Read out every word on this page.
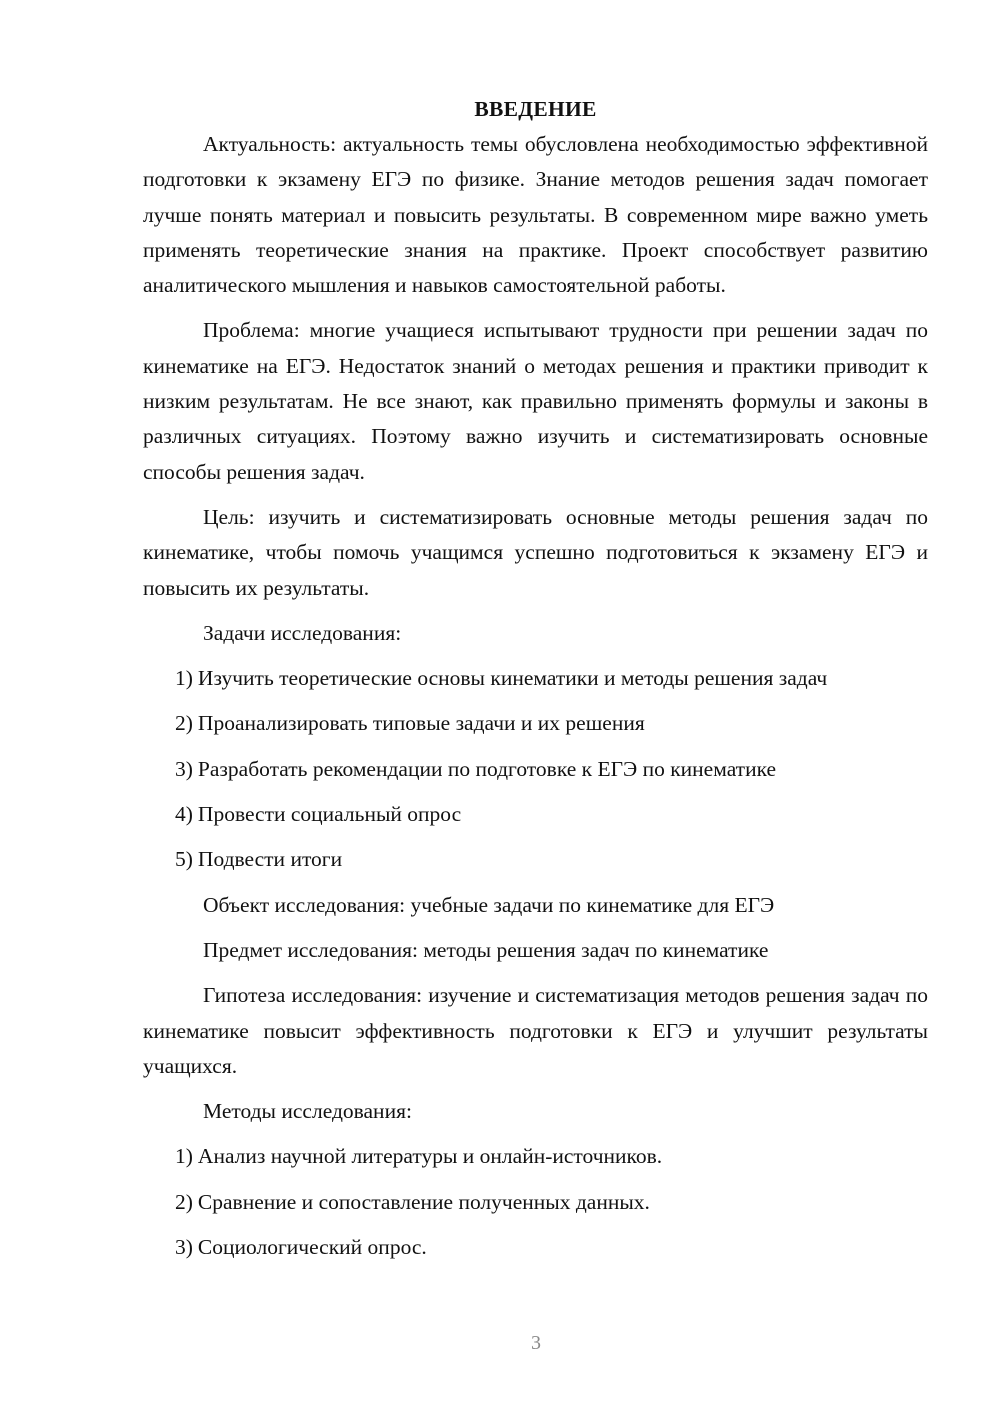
ВВЕДЕНИЕ

Актуальность: актуальность темы обусловлена необходимостью эффективной подготовки к экзамену ЕГЭ по физике. Знание методов решения задач помогает лучше понять материал и повысить результаты. В современном мире важно уметь применять теоретические знания на практике. Проект способствует развитию аналитического мышления и навыков самостоятельной работы.

Проблема: многие учащиеся испытывают трудности при решении задач по кинематике на ЕГЭ. Недостаток знаний о методах решения и практики приводит к низким результатам. Не все знают, как правильно применять формулы и законы в различных ситуациях. Поэтому важно изучить и систематизировать основные способы решения задач.

Цель: изучить и систематизировать основные методы решения задач по кинематике, чтобы помочь учащимся успешно подготовиться к экзамену ЕГЭ и повысить их результаты.

Задачи исследования:

1) Изучить теоретические основы кинематики и методы решения задач
2) Проанализировать типовые задачи и их решения
3) Разработать рекомендации по подготовке к ЕГЭ по кинематике
4) Провести социальный опрос
5) Подвести итоги

Объект исследования: учебные задачи по кинематике для ЕГЭ

Предмет исследования: методы решения задач по кинематике

Гипотеза исследования: изучение и систематизация методов решения задач по кинематике повысит эффективность подготовки к ЕГЭ и улучшит результаты учащихся.

Методы исследования:

1) Анализ научной литературы и онлайн-источников.
2) Сравнение и сопоставление полученных данных.
3) Социологический опрос.
3
